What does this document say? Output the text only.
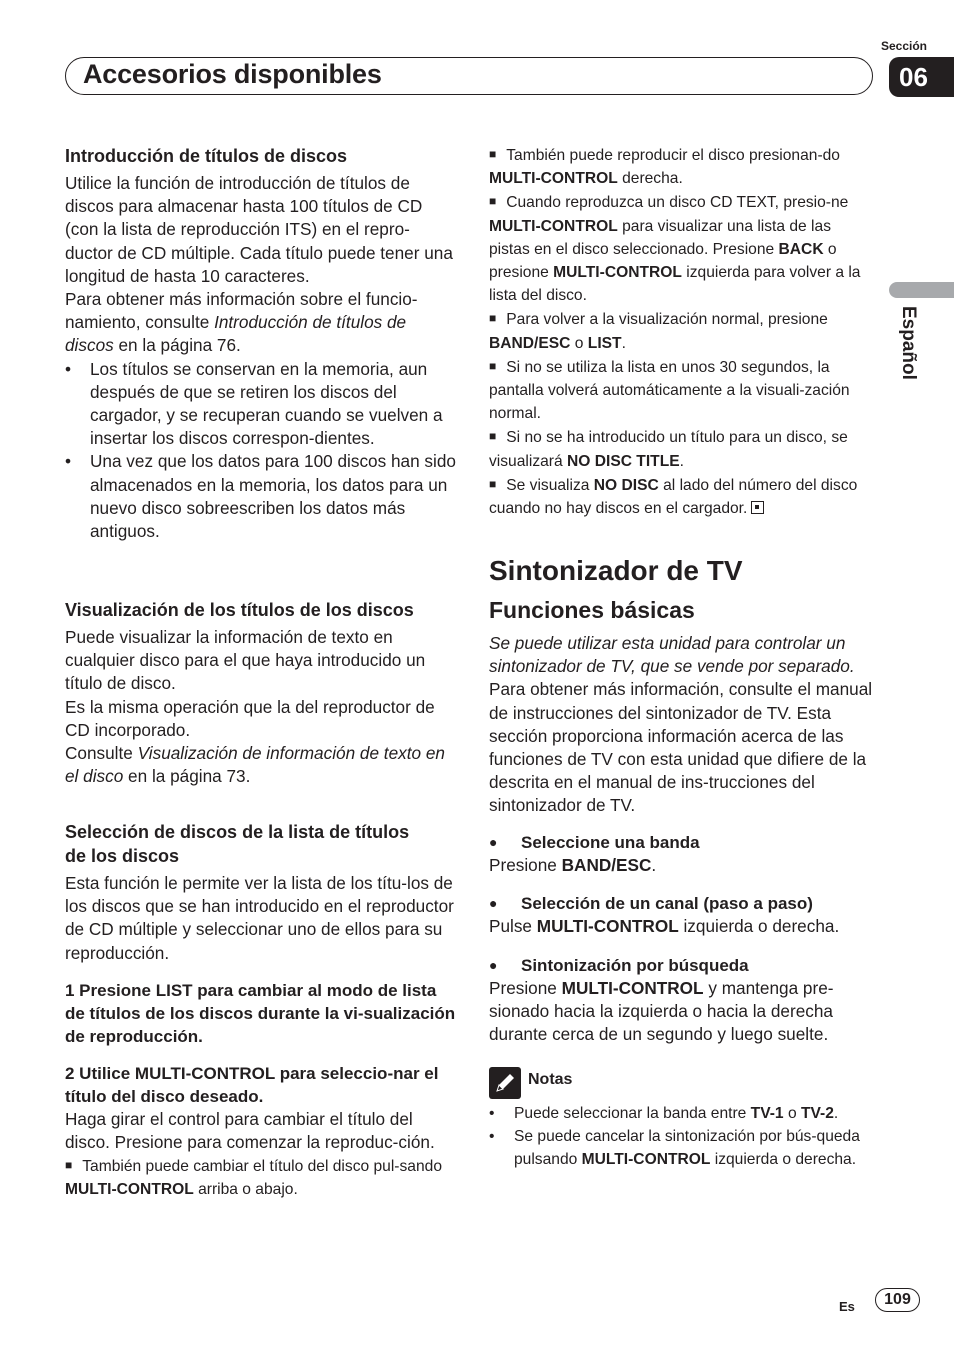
Sección
Accesorios disponibles	06
Español
Introducción de títulos de discos
Utilice la función de introducción de títulos de discos para almacenar hasta 100 títulos de CD (con la lista de reproducción ITS) en el repro-ductor de CD múltiple. Cada título puede tener una longitud de hasta 10 caracteres.
Para obtener más información sobre el funcio-namiento, consulte Introducción de títulos de discos en la página 76.
• Los títulos se conservan en la memoria, aun después de que se retiren los discos del cargador, y se recuperan cuando se vuelven a insertar los discos correspon-dientes.
• Una vez que los datos para 100 discos han sido almacenados en la memoria, los datos para un nuevo disco sobreescriben los datos más antiguos.
Visualización de los títulos de los discos
Puede visualizar la información de texto en cualquier disco para el que haya introducido un título de disco.
Es la misma operación que la del reproductor de CD incorporado.
Consulte Visualización de información de texto en el disco en la página 73.
Selección de discos de la lista de títulos de los discos
Esta función le permite ver la lista de los títu-los de los discos que se han introducido en el reproductor de CD múltiple y seleccionar uno de ellos para su reproducción.
1 Presione LIST para cambiar al modo de lista de títulos de los discos durante la vi-sualización de reproducción.
2 Utilice MULTI-CONTROL para seleccio-nar el título del disco deseado.
Haga girar el control para cambiar el título del disco. Presione para comenzar la reproduc-ción.
■ También puede cambiar el título del disco pul-sando MULTI-CONTROL arriba o abajo.
■ También puede reproducir el disco presionan-do MULTI-CONTROL derecha.
■ Cuando reproduzca un disco CD TEXT, presio-ne MULTI-CONTROL para visualizar una lista de las pistas en el disco seleccionado. Presione BACK o presione MULTI-CONTROL izquierda para volver a la lista del disco.
■ Para volver a la visualización normal, presione BAND/ESC o LIST.
■ Si no se utiliza la lista en unos 30 segundos, la pantalla volverá automáticamente a la visuali-zación normal.
■ Si no se ha introducido un título para un disco, se visualizará NO DISC TITLE.
■ Se visualiza NO DISC al lado del número del disco cuando no hay discos en el cargador.
Sintonizador de TV
Funciones básicas
Se puede utilizar esta unidad para controlar un sintonizador de TV, que se vende por separado.
Para obtener más información, consulte el manual de instrucciones del sintonizador de TV. Esta sección proporciona información acerca de las funciones de TV con esta unidad que difiere de la descrita en el manual de ins-trucciones del sintonizador de TV.
● Seleccione una banda
Presione BAND/ESC.
● Selección de un canal (paso a paso)
Pulse MULTI-CONTROL izquierda o derecha.
● Sintonización por búsqueda
Presione MULTI-CONTROL y mantenga pre-sionado hacia la izquierda o hacia la derecha durante cerca de un segundo y luego suelte.
Notas
• Puede seleccionar la banda entre TV-1 o TV-2.
• Se puede cancelar la sintonización por bús-queda pulsando MULTI-CONTROL izquierda o derecha.
Es	109
